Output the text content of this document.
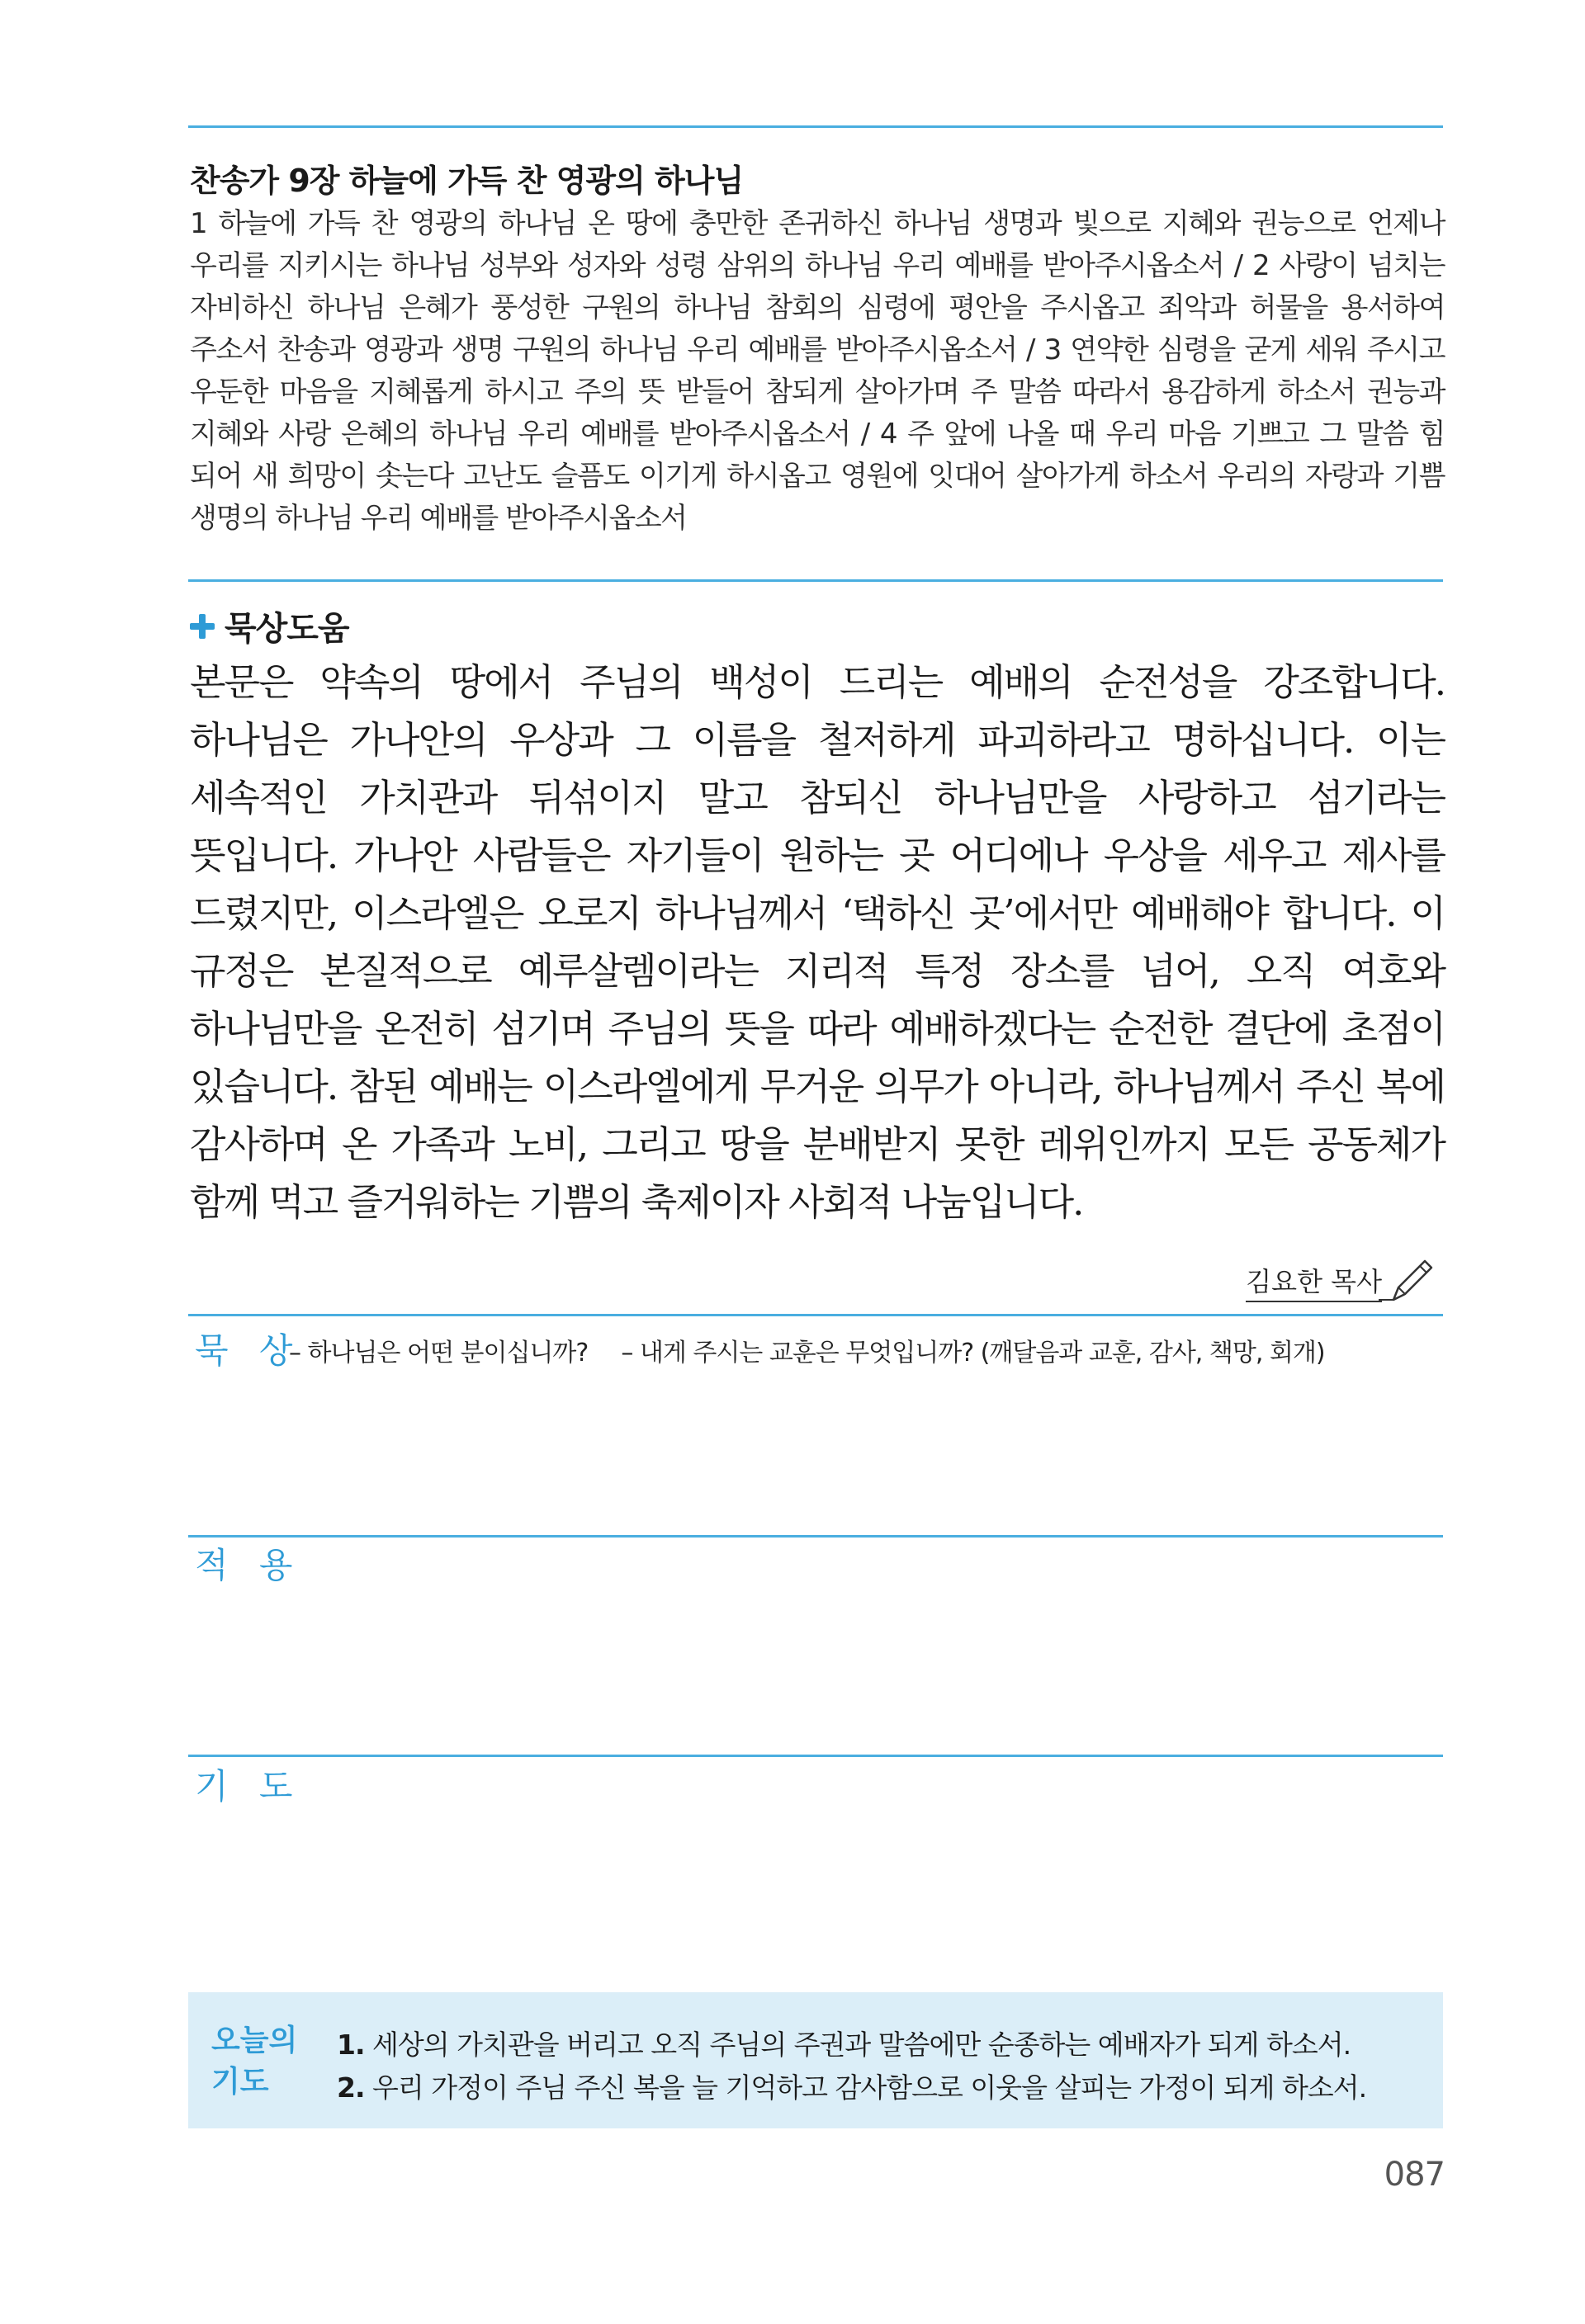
찬송가 9장 하늘에 가득 찬 영광의 하나님
1 하늘에 가득 찬 영광의 하나님 온 땅에 충만한 존귀하신 하나님 생명과 빛으로 지혜와 권능으로 언제나 우리를 지키시는 하나님 성부와 성자와 성령 삼위의 하나님 우리 예배를 받아주시옵소서 / 2 사랑이 넘치는 자비하신 하나님 은혜가 풍성한 구원의 하나님 참회의 심령에 평안을 주시옵고 죄악과 허물을 용서하여 주소서 찬송과 영광과 생명 구원의 하나님 우리 예배를 받아주시옵소서 / 3 연약한 심령을 굳게 세워 주시고 우둔한 마음을 지혜롭게 하시고 주의 뜻 받들어 참되게 살아가며 주 말씀 따라서 용감하게 하소서 권능과 지혜와 사랑 은혜의 하나님 우리 예배를 받아주시옵소서 / 4 주 앞에 나올 때 우리 마음 기쁘고 그 말씀 힘 되어 새 희망이 솟는다 고난도 슬픔도 이기게 하시옵고 영원에 잇대어 살아가게 하소서 우리의 자랑과 기쁨 생명의 하나님 우리 예배를 받아주시옵소서
묵상도움
본문은 약속의 땅에서 주님의 백성이 드리는 예배의 순전성을 강조합니다. 하나님은 가나안의 우상과 그 이름을 철저하게 파괴하라고 명하십니다. 이는 세속적인 가치관과 뒤섞이지 말고 참되신 하나님만을 사랑하고 섬기라는 뜻입니다. 가나안 사람들은 자기들이 원하는 곳 어디에나 우상을 세우고 제사를 드렸지만, 이스라엘은 오로지 하나님께서 ‘택하신 곳’에서만 예배해야 합니다. 이 규정은 본질적으로 예루살렘이라는 지리적 특정 장소를 넘어, 오직 여호와 하나님만을 온전히 섬기며 주님의 뜻을 따라 예배하겠다는 순전한 결단에 초점이 있습니다. 참된 예배는 이스라엘에게 무거운 의무가 아니라, 하나님께서 주신 복에 감사하며 온 가족과 노비, 그리고 땅을 분배받지 못한 레위인까지 모든 공동체가 함께 먹고 즐거워하는 기쁨의 축제이자 사회적 나눔입니다.
김요한 목사
묵 상
– 하나님은 어떤 분이십니까? – 내게 주시는 교훈은 무엇입니까? (깨달음과 교훈, 감사, 책망, 회개)
적 용
기 도
오늘의
기도
1. 세상의 가치관을 버리고 오직 주님의 주권과 말씀에만 순종하는 예배자가 되게 하소서.
2. 우리 가정이 주님 주신 복을 늘 기억하고 감사함으로 이웃을 살피는 가정이 되게 하소서.
087
